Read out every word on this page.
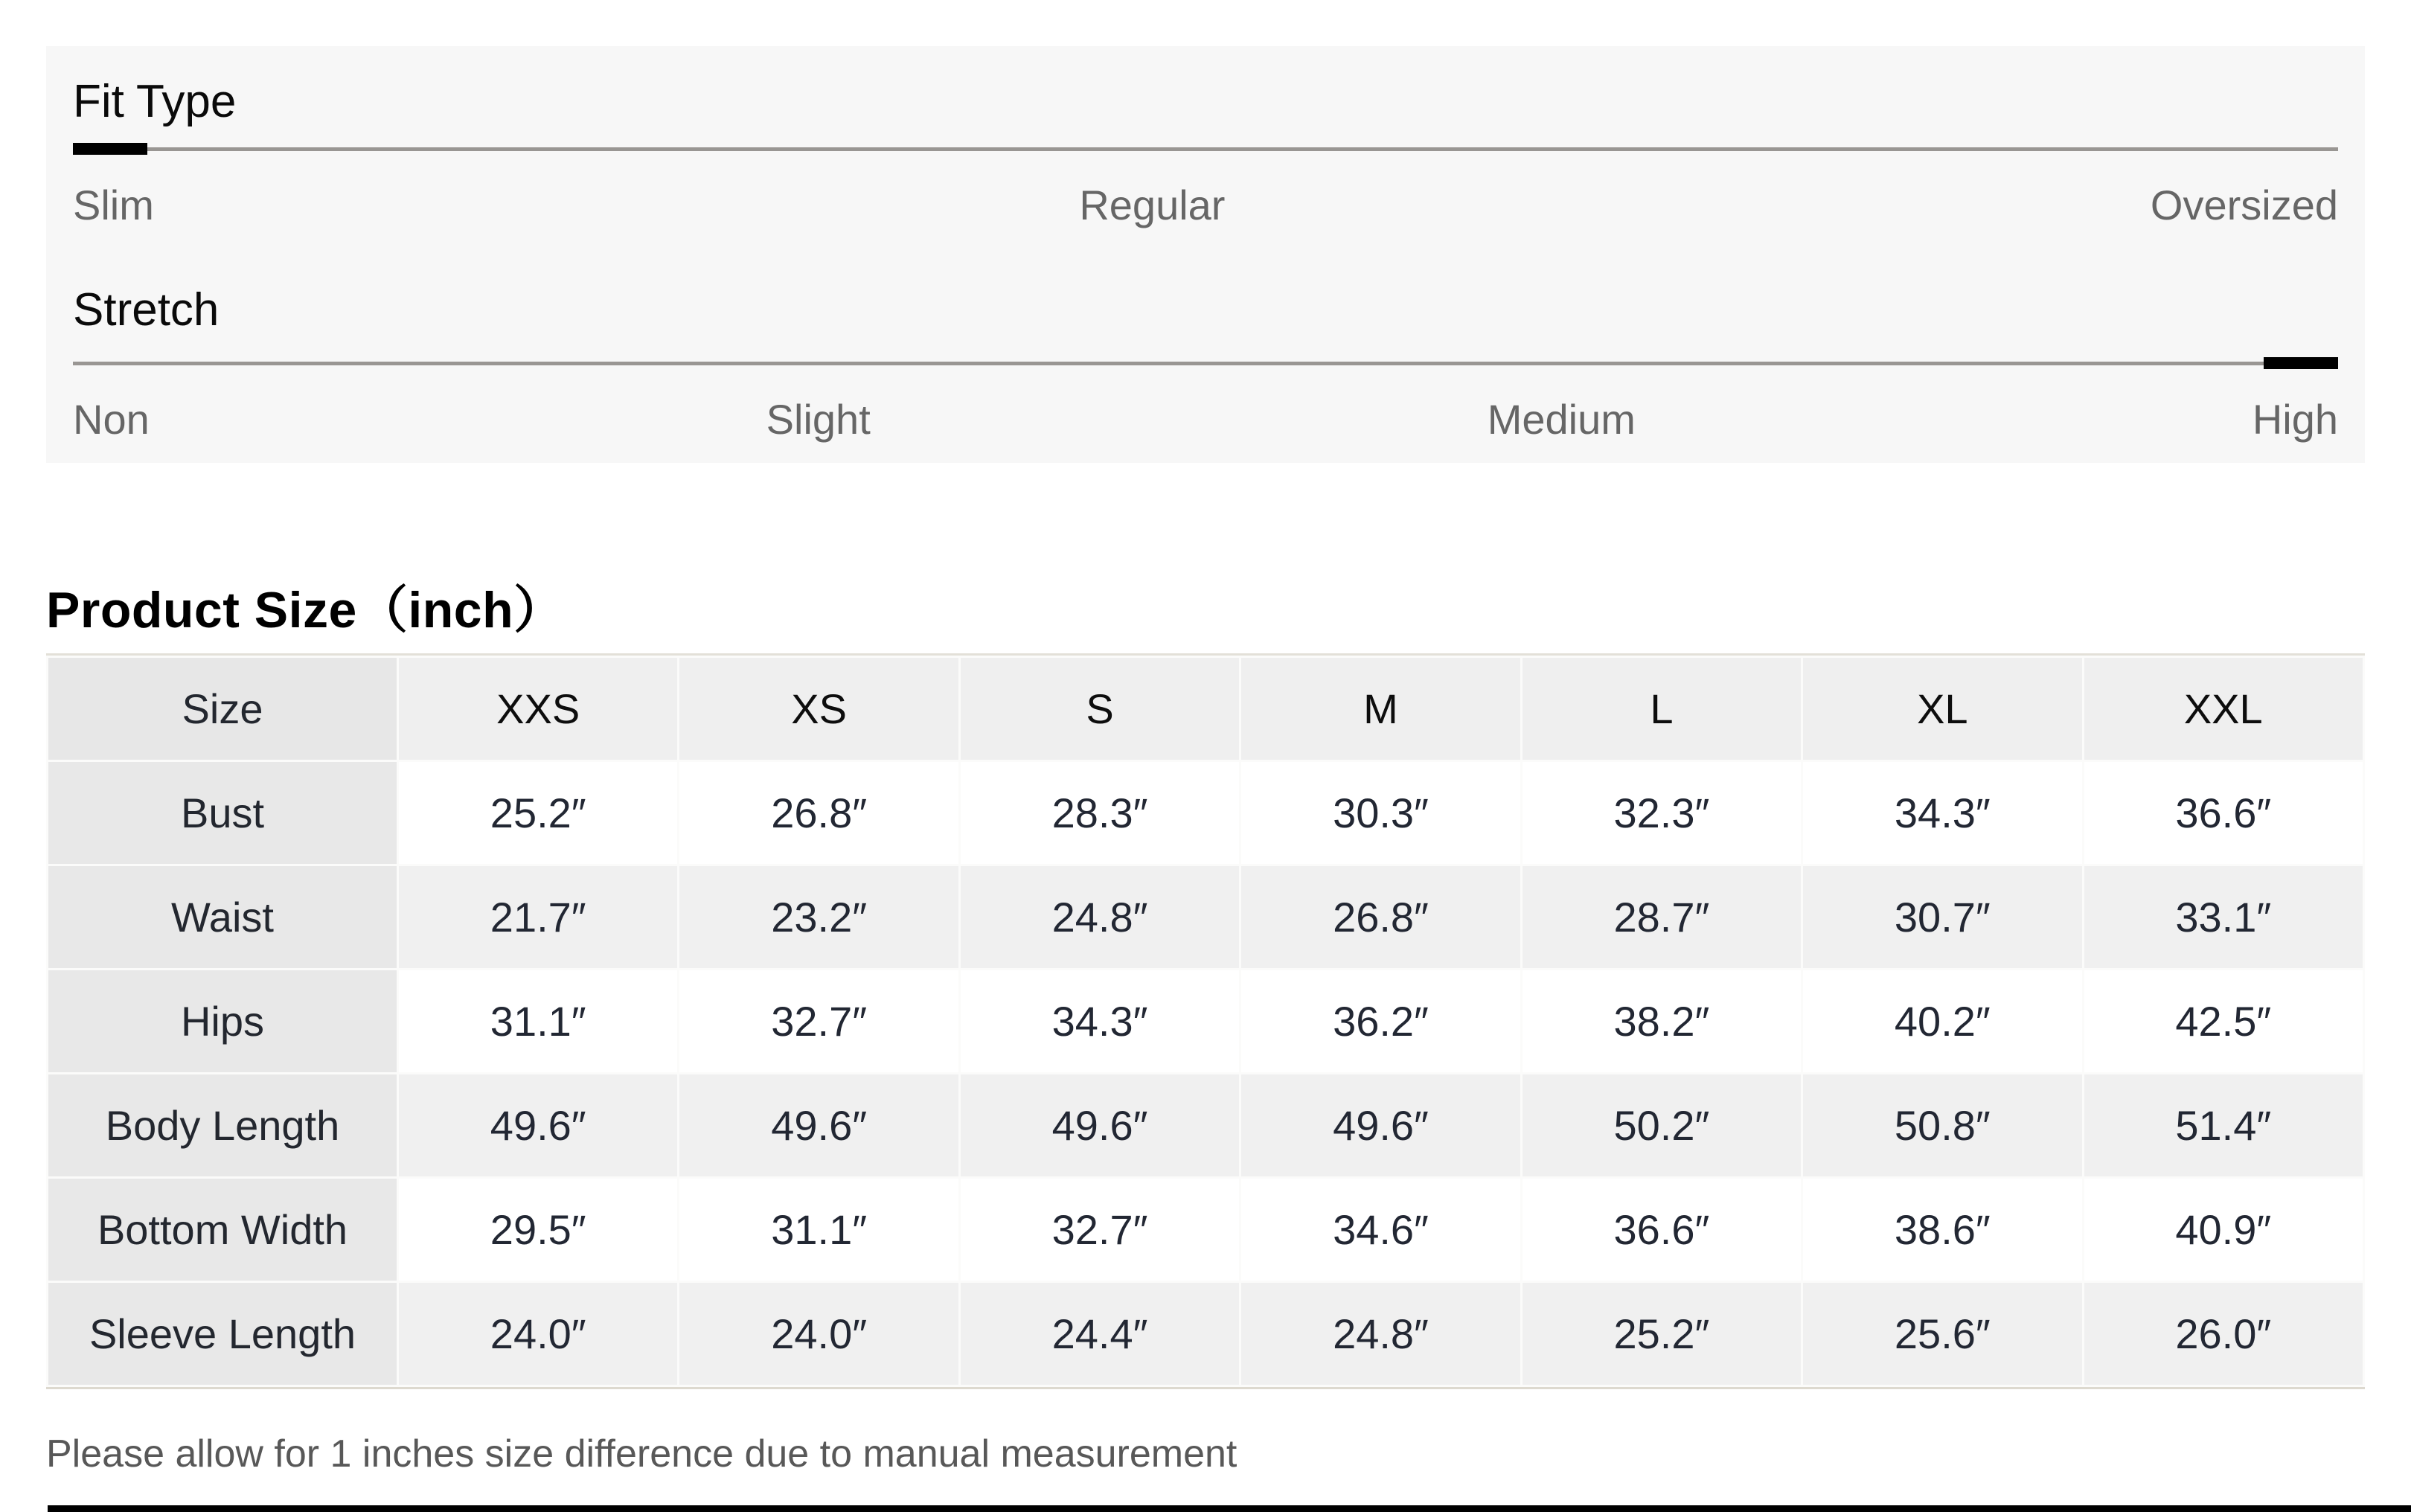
Fit Type
Slim	Regular	Oversized
Stretch
Non	Slight	Medium	High
Product Size（inch）
Size	XXS	XS	S	M	L	XL	XXL
Bust	25.2″	26.8″	28.3″	30.3″	32.3″	34.3″	36.6″
Waist	21.7″	23.2″	24.8″	26.8″	28.7″	30.7″	33.1″
Hips	31.1″	32.7″	34.3″	36.2″	38.2″	40.2″	42.5″
Body Length	49.6″	49.6″	49.6″	49.6″	50.2″	50.8″	51.4″
Bottom Width	29.5″	31.1″	32.7″	34.6″	36.6″	38.6″	40.9″
Sleeve Length	24.0″	24.0″	24.4″	24.8″	25.2″	25.6″	26.0″
Please allow for 1 inches size difference due to manual measurement
